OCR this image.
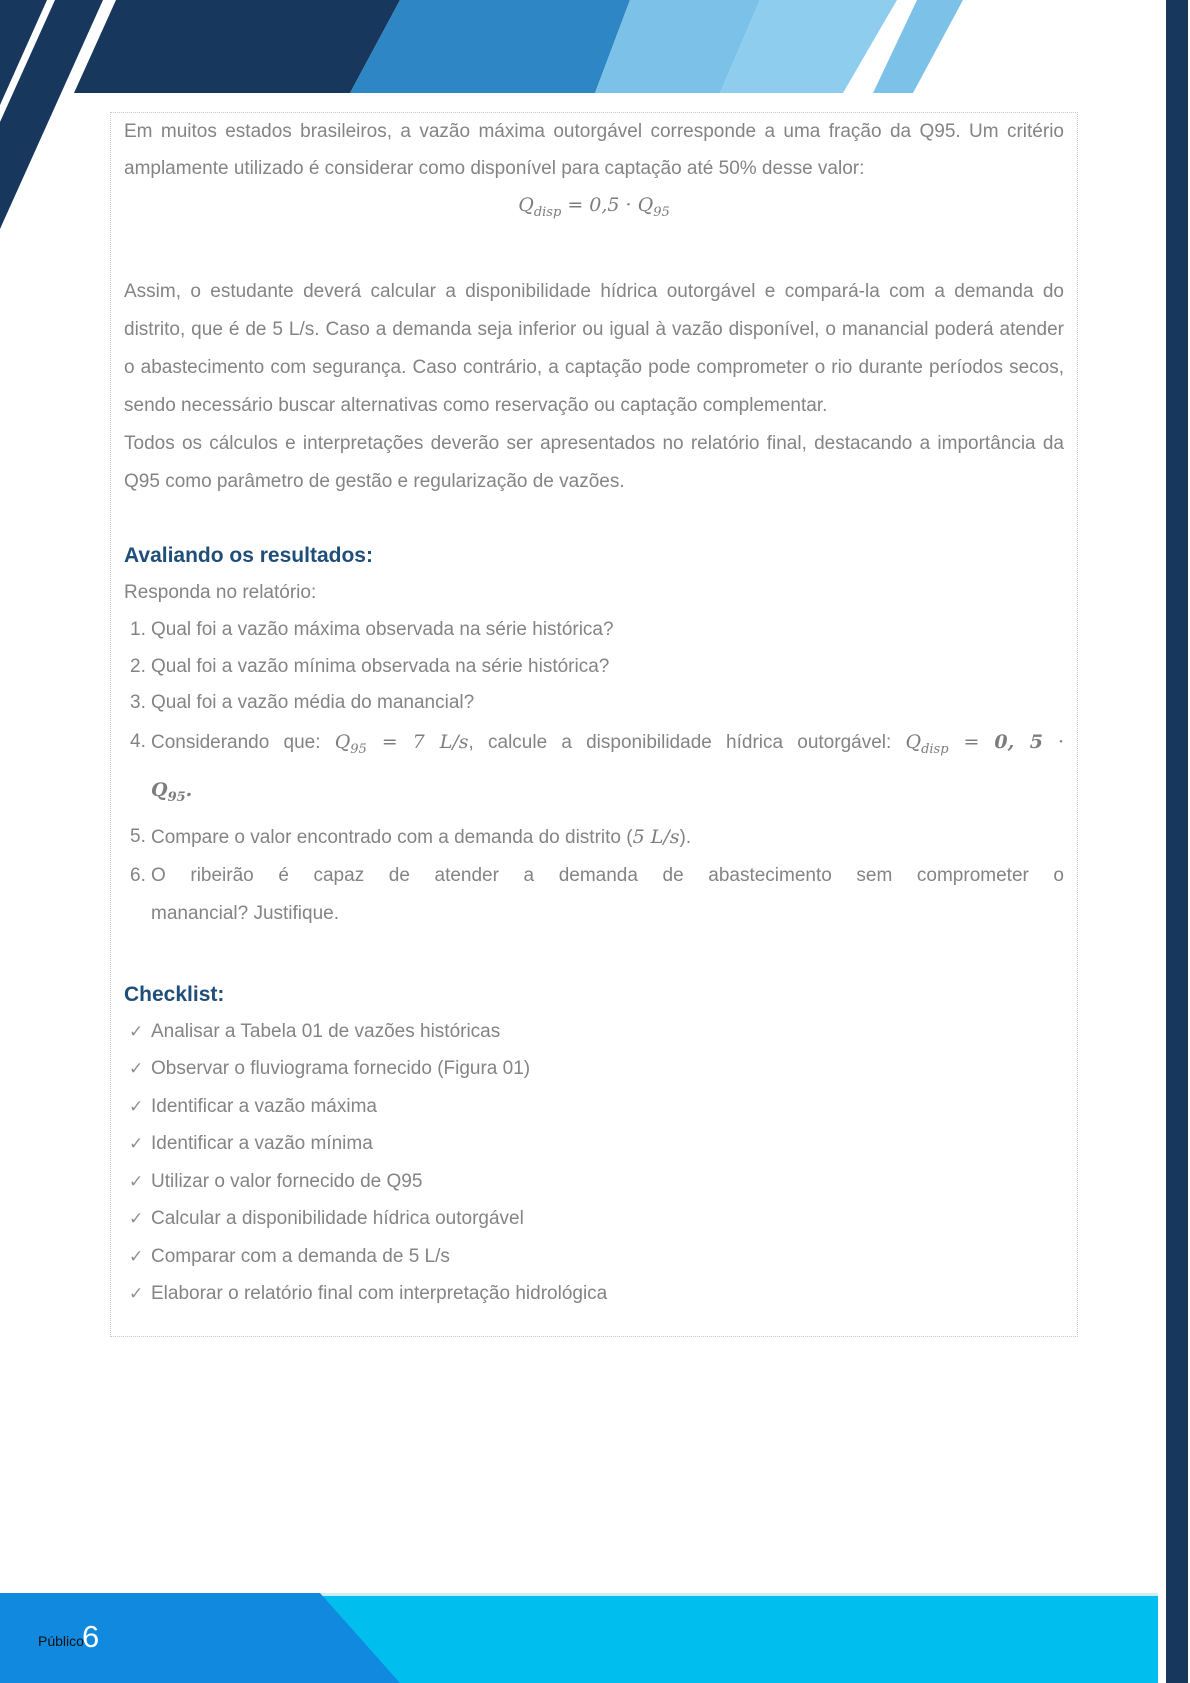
Em muitos estados brasileiros, a vazão máxima outorgável corresponde a uma fração da Q95. Um critério amplamente utilizado é considerar como disponível para captação até 50% desse valor:

$Q_{disp} = 0,5 \cdot Q_{95}$

Assim, o estudante deverá calcular a disponibilidade hídrica outorgável e compará-la com a demanda do distrito, que é de 5 L/s. Caso a demanda seja inferior ou igual à vazão disponível, o manancial poderá atender o abastecimento com segurança. Caso contrário, a captação pode comprometer o rio durante períodos secos, sendo necessário buscar alternativas como reservação ou captação complementar.

Todos os cálculos e interpretações deverão ser apresentados no relatório final, destacando a importância da Q95 como parâmetro de gestão e regularização de vazões.

Avaliando os resultados:
Responda no relatório:
1. Qual foi a vazão máxima observada na série histórica?
2. Qual foi a vazão mínima observada na série histórica?
3. Qual foi a vazão média do manancial?
4. Considerando que: $Q_{95} = 7$ L/s, calcule a disponibilidade hídrica outorgável: $Q_{disp} = 0$, 5 ·
$Q_{95}$.
5. Compare o valor encontrado com a demanda do distrito (5 L/s).
6. O ribeirão é capaz de atender a demanda de abastecimento sem comprometer o
manancial? Justifique.
Checklist:
✓ Analisar a Tabela 01 de vazões históricas
✓ Observar o fluviograma fornecido (Figura 01)
✓ Identificar a vazão máxima
✓ Identificar a vazão mínima
✓ Utilizar o valor fornecido de Q95
✓ Calcular a disponibilidade hídrica outorgável
✓ Comparar com a demanda de 5 L/s
✓ Elaborar o relatório final com interpretação hidrológica
Público
6
